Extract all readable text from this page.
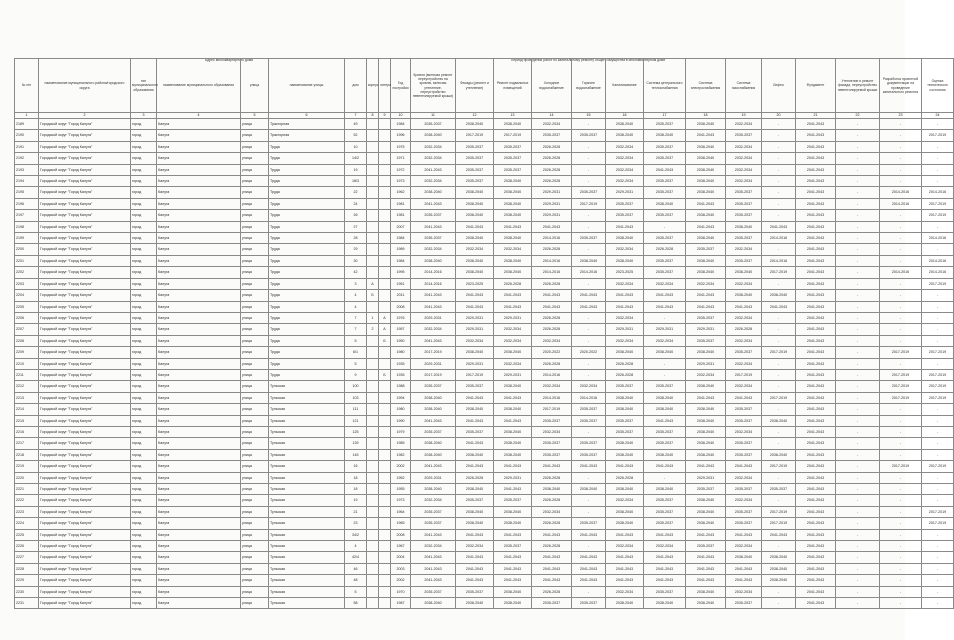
Адрес многоквартирного дома	Период проведения работ по капитальному ремонту общего имущества в многоквартирном доме
№ п/п	наименование муниципального района/городского округа	тип муниципального образования	наименование муниципального образования	улица	наименование улицы	дом	корпус	литера	Год постройки	Кровля (включая ремонт переустройство на кровлю, включая утепление, переустройство невентилируемой крыши)	Фасады (ремонт и утепление)	Ремонт подвальных помещений	Холодное водоснабжение	Горячее водоснабжение	Канализование	Система центрального теплоснабжения	Система электроснабжения	Система газоснабжения	Лифты	Фундамент	Утепление и ремонт фасада, переустройство невентилируемой крыши	Разработка проектной документации на проведение капитального ремонта	Оценка технического состояния
1	2	3	4	5	6	7	8	9	10	11	12	13	14	15	16	17	18	19	20	21	22	23	24
2189	Городской округ "Город Калуга"	город	Калуга	улица	Тракторная	49			1984	2035-2037	2038-2040	2038-2040	2032-2034	-	2038-2040	2035-2037	2038-2040	2032-2034	-	2041-2043	-	-	-
2190	Городской округ "Город Калуга"	город	Калуга	улица	Тракторная	52			1996	2038-2040	2017-2019	2017-2019	2035-2037	2035-2037	2038-2040	2038-2040	2041-2043	2035-2037	-	2041-2043	-	-	2017-2019
2191	Городской округ "Город Калуга"	город	Калуга	улица	Труда	10			1975	2032-2034	2035-2037	2035-2037	2026-2028	-	2032-2034	2035-2037	2038-2040	2032-2034	-	2041-2043	-	-	-
2192	Городской округ "Город Калуга"	город	Калуга	улица	Труда	14/2			1971	2032-2034	2035-2037	2035-2037	2026-2028	-	2032-2034	2035-2037	2038-2040	2032-2034	-	2041-2043	-	-	-
2193	Городской округ "Город Калуга"	город	Калуга	улица	Труда	19			1972	2041-2043	2035-2037	2035-2037	2026-2028	-	2032-2034	2041-2043	2038-2040	2032-2034	-	2041-2043	-	-	-
2194	Городской округ "Город Калуга"	город	Калуга	улица	Труда	18/3			1973	2032-2034	2035-2037	2038-2040	2026-2028	-	2032-2034	2035-2037	2038-2040	2032-2034	-	2041-2043	-	-	-
2195	Городской округ "Город Калуга"	город	Калуга	улица	Труда	22			1962	2038-2040	2038-2040	2038-2040	2029-2031	2035-2037	2029-2031	2035-2037	2038-2040	2035-2037	-	2041-2043	-	2014-2016	2014-2016
2196	Городской округ "Город Калуга"	город	Калуга	улица	Труда	24			1981	2041-2043	2038-2040	2038-2040	2029-2031	2017-2019	2035-2037	2038-2040	2041-2043	2035-2037	-	2041-2043	-	2014-2016	2017-2019
2197	Городской округ "Город Калуга"	город	Калуга	улица	Труда	26			1981	2035-2037	2038-2040	2038-2040	2029-2031	-	2035-2037	2035-2037	2038-2040	2035-2037	-	2041-2043	-	-	2017-2019
2198	Городской округ "Город Калуга"	город	Калуга	улица	Труда	27			2007	2041-2043	2041-2043	2041-2043	2041-2043	-	2041-2043	-	2041-2043	2038-2040	2041-2043	2041-2043	-	-	-
2199	Городской округ "Город Калуга"	город	Калуга	улица	Труда	28			1984	2035-2037	2038-2040	2038-2040	2014-2016	2035-2037	2038-2040	2035-2037	2038-2040	2035-2037	2014-2016	2041-2043	-	-	2014-2016
2200	Городской округ "Город Калуга"	город	Калуга	улица	Труда	29			1989	2032-2034	2032-2034	2032-2034	2026-2028	-	2032-2034	2026-2028	2035-2037	2032-2034	-	2041-2043	-	-	-
2201	Городской округ "Город Калуга"	город	Калуга	улица	Труда	30			1984	2038-2040	2038-2040	2038-2040	2014-2016	2038-2040	2038-2040	2035-2037	2038-2040	2035-2037	2014-2016	2041-2043	-	-	2014-2016
2202	Городской округ "Город Калуга"	город	Калуга	улица	Труда	42			1995	2014-2016	2038-2040	2038-2040	2014-2016	2014-2016	2023-2025	2035-2037	2038-2040	2038-2040	2017-2019	2041-2043	-	2014-2016	2014-2016
2203	Городской округ "Город Калуга"	город	Калуга	улица	Труда	3	А		1951	2014-2016	2023-2025	2026-2028	2026-2028	-	2032-2034	2032-2034	2032-2034	2032-2034	-	2041-2043	-	-	2017-2019
2204	Городской округ "Город Калуга"	город	Калуга	улица	Труда	4	Б		2011	2041-2043	2041-2043	2041-2043	2041-2043	2041-2043	2041-2043	2041-2043	2041-2043	2038-2040	2038-2040	2041-2043	-	-	-
2205	Городской округ "Город Калуга"	город	Калуга	улица	Труда	4			2008	2041-2043	2041-2043	2041-2043	2041-2043	2041-2043	2041-2043	2041-2043	2041-2043	2041-2043	2041-2043	2041-2043	-	-	-
2206	Городской округ "Город Калуга"	город	Калуга	улица	Труда	7	1	А	1976	2029-2031	2029-2031	2029-2031	2026-2028	-	2032-2034	-	2035-2037	2032-2034	-	2041-2043	-	-	-
2207	Городской округ "Город Калуга"	город	Калуга	улица	Труда	7	2	А	1957	2032-2034	2029-2031	2032-2034	2026-2028	-	2029-2031	2029-2031	2029-2031	2026-2028	-	2041-2043	-	-	-
2208	Городской округ "Город Калуга"	город	Калуга	улица	Труда	5		Б	1950	2041-2043	2032-2034	2032-2034	2032-2034	-	2032-2034	2032-2034	2035-2037	2032-2034	-	2041-2043	-	-	-
2209	Городской округ "Город Калуга"	город	Калуга	улица	Труда	6/1			1980	2017-2019	2038-2040	2038-2040	2020-2022	2020-2022	2038-2040	2038-2040	2038-2040	2035-2037	2017-2019	2041-2043	-	2017-2019	2017-2019
2210	Городской округ "Город Калуга"	город	Калуга	улица	Труда	5			1935	2029-2031	2029-2031	2032-2034	2026-2028	-	2026-2028	-	2029-2031	2032-2034	-	2041-2043	-	-	-
2211	Городской округ "Город Калуга"	город	Калуга	улица	Труда	9		Б	1935	2017-2019	2017-2019	2029-2031	2014-2016	-	2026-2028	-	2032-2034	2017-2019	-	2041-2043	-	2017-2019	2017-2019
2212	Городской округ "Город Калуга"	город	Калуга	улица	Тульская	100			1988	2035-2037	2035-2037	2038-2040	2032-2034	2032-2034	2035-2037	2035-2037	2038-2040	2032-2034	-	2041-2043	-	2017-2019	2017-2019
2213	Городской округ "Город Калуга"	город	Калуга	улица	Тульская	103			1994	2038-2040	2041-2043	2041-2043	2014-2016	2014-2016	2038-2040	2038-2040	2041-2043	2041-2043	2017-2019	2041-2043	-	2017-2019	2017-2019
2214	Городской округ "Город Калуга"	город	Калуга	улица	Тульская	111			1980	2038-2040	2038-2040	2038-2040	2017-2019	2035-2037	2038-2040	2038-2040	2038-2040	2035-2037	-	2041-2043	-	-	-
2215	Городской округ "Город Калуга"	город	Калуга	улица	Тульская	121			1990	2041-2043	2041-2043	2041-2043	2035-2037	2035-2037	2035-2037	2041-2043	2038-2040	2035-2037	2038-2040	2041-2043	-	-	-
2216	Городской округ "Город Калуга"	город	Калуга	улица	Тульская	125			1979	2035-2037	2035-2037	2038-2040	2032-2034	-	2035-2037	2035-2037	2038-2040	2032-2034	-	2041-2043	-	-	-
2217	Городской округ "Город Калуга"	город	Калуга	улица	Тульская	139			1985	2038-2040	2041-2043	2038-2040	2035-2037	2035-2037	2038-2040	2035-2037	2038-2040	2035-2037	-	2041-2043	-	-	-
2218	Городской округ "Город Калуга"	город	Калуга	улица	Тульская	145			1982	2038-2040	2038-2040	2038-2040	2035-2037	2035-2037	2038-2040	2038-2040	2038-2040	2035-2037	2038-2040	2041-2043	-	-	-
2219	Городской округ "Город Калуга"	город	Калуга	улица	Тульская	16			2002	2041-2043	2041-2043	2041-2043	2041-2043	2041-2043	2041-2043	2041-2043	2041-2043	2041-2043	2017-2019	2041-2043	-	2017-2019	2017-2019
2220	Городской округ "Город Калуга"	город	Калуга	улица	Тульская	18			1952	2029-2031	2026-2028	2029-2031	2026-2028	-	2026-2028	-	2029-2031	2032-2034	-	2041-2043	-	-	-
2221	Городской округ "Город Калуга"	город	Калуга	улица	Тульская	18			1955	2038-2040	2038-2040	2041-2043	2038-2040	2038-2040	2038-2040	2038-2040	2035-2037	2035-2037	2035-2037	2041-2043	-	-	-
2222	Городской округ "Город Калуга"	город	Калуга	улица	Тульская	19			1973	2032-2034	2035-2037	2035-2037	2026-2028	-	2032-2034	2035-2037	2038-2040	2032-2034	-	2041-2043	-	-	-
2223	Городской округ "Город Калуга"	город	Калуга	улица	Тульская	21			1964	2035-2037	2038-2040	2038-2040	2032-2034	-	2038-2040	2035-2037	2038-2040	2035-2037	2017-2019	2041-2043	-	-	2017-2019
2224	Городской округ "Город Калуга"	город	Калуга	улица	Тульская	23			1965	2035-2037	2038-2040	2038-2040	2026-2028	2035-2037	2038-2040	2035-2037	2038-2040	2035-2037	2017-2019	2041-2043	-	-	2017-2019
2225	Городской округ "Город Калуга"	город	Калуга	улица	Тульская	34/2			2008	2041-2043	2041-2043	2041-2043	2041-2043	2041-2043	2041-2043	2041-2043	2041-2043	2041-2043	2041-2043	2041-2043	-	-	-
2226	Городской округ "Город Калуга"	город	Калуга	улица	Тульская	4			1967	2032-2034	2032-2034	2035-2037	2026-2028	-	2032-2034	2032-2034	2035-2037	2032-2034	-	2041-2043	-	-	-
2227	Городской округ "Город Калуга"	город	Калуга	улица	Тульская	42/4			2004	2041-2043	2041-2043	2041-2043	2041-2043	2041-2043	2041-2043	2041-2043	2041-2043	2038-2040	2038-2040	2041-2043	-	-	-
2228	Городской округ "Город Калуга"	город	Калуга	улица	Тульская	46			2003	2041-2043	2041-2043	2041-2043	2041-2043	2041-2043	2041-2043	2041-2043	2041-2043	2041-2043	2038-2040	2041-2043	-	-	-
2229	Городской округ "Город Калуга"	город	Калуга	улица	Тульская	48			2002	2041-2043	2041-2043	2041-2043	2041-2043	2041-2043	2041-2043	2041-2043	2041-2043	2041-2043	2038-2040	2041-2043	-	-	-
2230	Городской округ "Город Калуга"	город	Калуга	улица	Тульская	5			1970	2035-2037	2035-2037	2038-2040	2026-2028	-	2032-2034	2035-2037	2038-2040	2032-2034	-	2041-2043	-	-	-
2231	Городской округ "Город Калуга"	город	Калуга	улица	Тульская	58			1987	2038-2040	2038-2040	2038-2040	2035-2037	2035-2037	2038-2040	2038-2040	2038-2040	2035-2037	-	2041-2043	-	-	-
